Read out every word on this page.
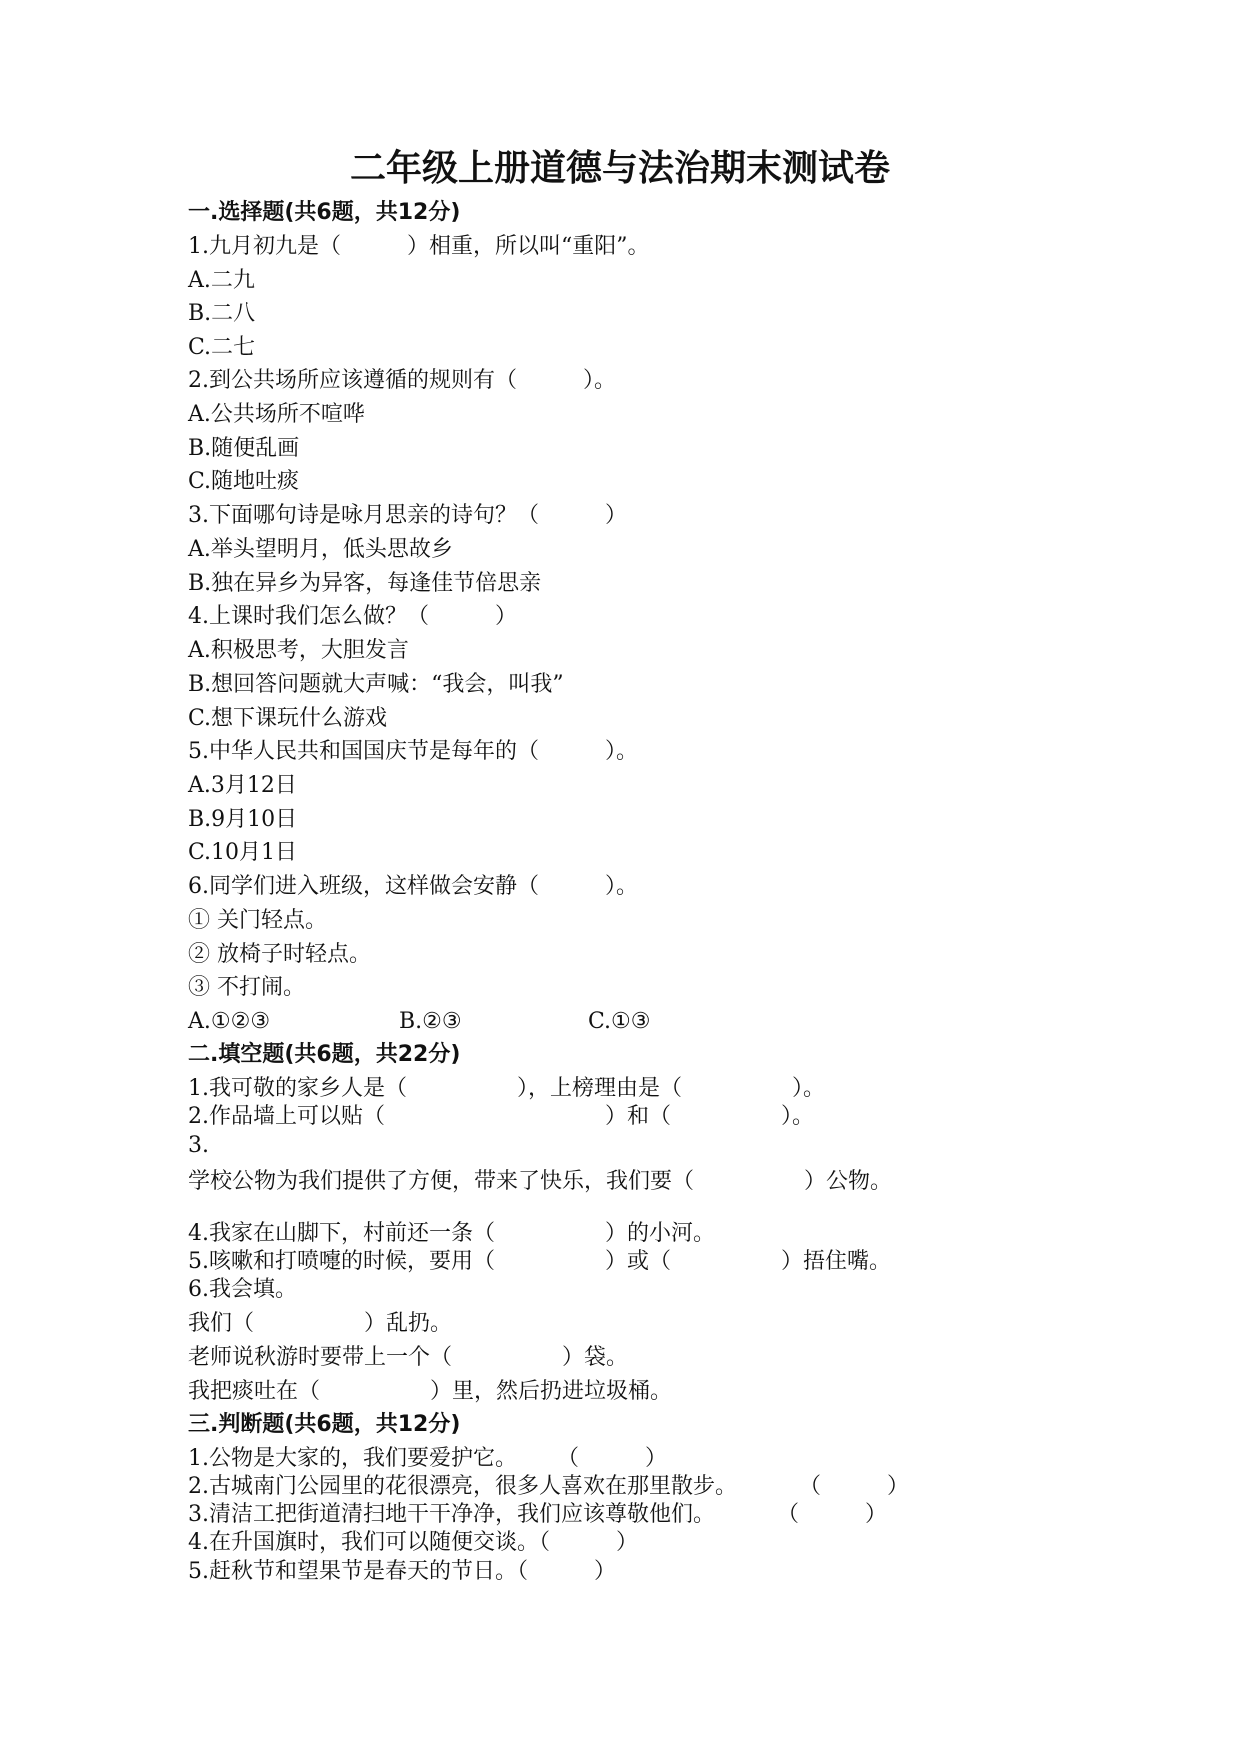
二年级上册道德与法治期末测试卷
一.选择题(共6题，共12分)
1.九月初九是（　　　）相重，所以叫“重阳”。
A.二九
B.二八
C.二七
2.到公共场所应该遵循的规则有（　　　）。
A.公共场所不喧哗
B.随便乱画
C.随地吐痰
3.下面哪句诗是咏月思亲的诗句？（　　　）
A.举头望明月，低头思故乡
B.独在异乡为异客，每逢佳节倍思亲
4.上课时我们怎么做？（　　　）
A.积极思考，大胆发言
B.想回答问题就大声喊：“我会，叫我”
C.想下课玩什么游戏
5.中华人民共和国国庆节是每年的（　　　）。
A.3月12日
B.9月10日
C.10月1日
6.同学们进入班级，这样做会安静（　　　）。
① 关门轻点。
② 放椅子时轻点。
③ 不打闹。
A.①②③	B.②③	C.①③
二.填空题(共6题，共22分)
1.我可敬的家乡人是（　　　　　），上榜理由是（　　　　　）。
2.作品墙上可以贴（　　　　　　　　　　）和（　　　　　）。
3.
学校公物为我们提供了方便，带来了快乐，我们要（　　　　　）公物。
4.我家在山脚下，村前还一条（　　　　　）的小河。
5.咳嗽和打喷嚏的时候，要用（　　　　　）或（　　　　　）捂住嘴。
6.我会填。
我们（　　　　　）乱扔。
老师说秋游时要带上一个（　　　　　）袋。
我把痰吐在（　　　　　）里，然后扔进垃圾桶。
三.判断题(共6题，共12分)
1.公物是大家的，我们要爱护它。　　 （　　　）
2.古城南门公园里的花很漂亮，很多人喜欢在那里散步。　　　 （　　　）
3.清洁工把街道清扫地干干净净，我们应该尊敬他们。　　　 （　　　）
4.在升国旗时，我们可以随便交谈。（　　　）
5.赶秋节和望果节是春天的节日。（　　　）
